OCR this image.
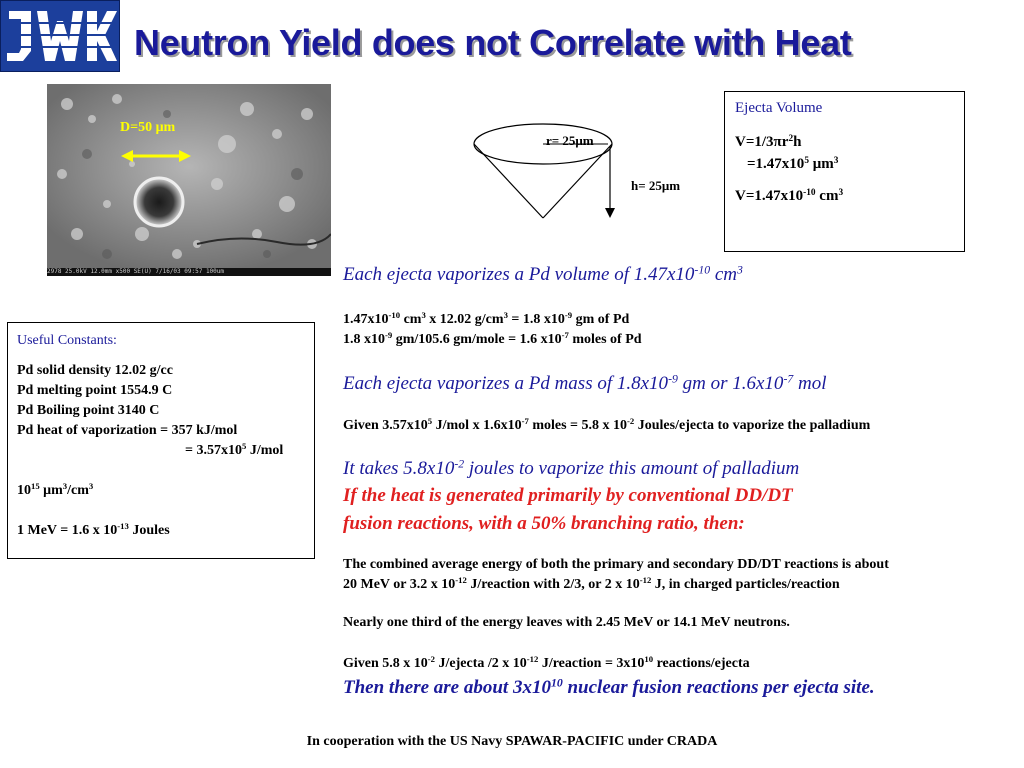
Neutron Yield does not Correlate with Heat
2978 25.0kV 12.0mm x500 SE(U) 7/16/03 09:57 100um
D=50 μm
r= 25μm
h= 25μm
Ejecta Volume
$V=1/3\pi r^2h$
$=1.47x10^5$ $\mu m^3$
$V=1.47x10^{-10}$ $cm^3$
Useful Constants:
Pd solid density 12.02 g/cc
Pd melting point 1554.9 C
Pd Boiling point 3140 C
Pd heat of vaporization = 357 kJ/mol
= $3.57x10^5$ J/mol
$10^{15}$ $\mu m^3/cm^3$
1 MeV = 1.6 x $10^{-13}$ Joules
Each ejecta vaporizes a Pd volume of $1.47x10^{-10}$ $cm^3$
$1.47x10^{-10}$ $cm^3$ x 12.02 $g/cm^3 = 1.8$ $x10^{-9}$ gm of Pd
1.8 $x10^{-9}$ gm/105.6 gm/mole = 1.6 $x10^{-7}$ moles of Pd
Each ejecta vaporizes a Pd mass of $1.8x10^{-9}$ gm or $1.6x10^{-7}$ mol
Given $3.57x10^5$ J/mol x $1.6x10^{-7}$ moles = 5.8 x $10^{-2}$ Joules/ejecta to vaporize the palladium
It takes $5.8x10^{-2}$ joules to vaporize this amount of palladium
If the heat is generated primarily by conventional DD/DT
fusion reactions, with a 50% branching ratio, then:
The combined average energy of both the primary and secondary DD/DT reactions is about
20 MeV or 3.2 x $10^{-12}$ J/reaction with 2/3, or 2 x $10^{-12}$ J, in charged particles/reaction
Nearly one third of the energy leaves with 2.45 MeV or 14.1 MeV neutrons.
Given 5.8 x $10^{-2}$ J/ejecta /2 x $10^{-12}$ J/reaction = $3x10^{10}$ reactions/ejecta
Then there are about $3x10^{10}$ nuclear fusion reactions per ejecta site.
In cooperation with the US Navy SPAWAR-PACIFIC under CRADA
